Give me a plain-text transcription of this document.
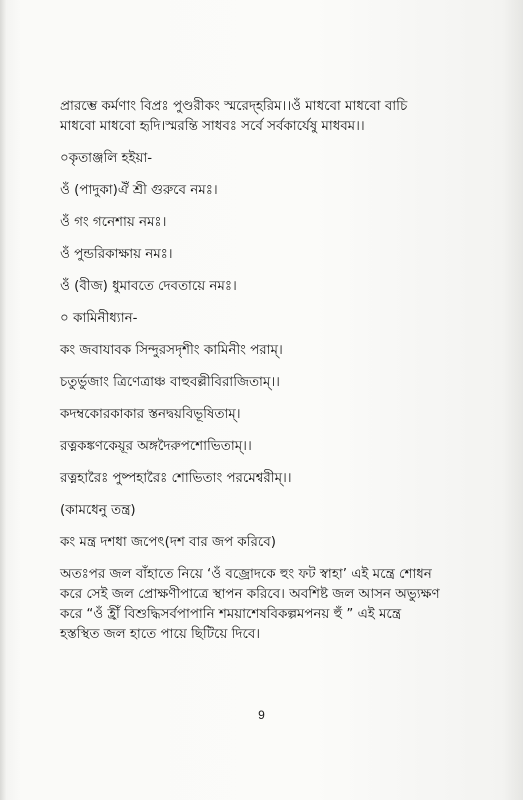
প্রারম্ভে কর্মণাং বিপ্রঃ পুণ্ডরীকং স্মরেদ্হরিম।।ওঁ মাধবো মাধবো বাচি

মাধবো মাধবো হৃদি।স্মরন্তি সাধবঃ সর্বে সর্বকার্যেষু মাধবম।।

০কৃতাঞ্জলি হইয়া-

ওঁ (পাদুকা)ঐঁ শ্রী গুরুবে নমঃ।

ওঁ গং গনেশায় নমঃ।

ওঁ পুন্ডরিকাক্ষায় নমঃ।

ওঁ (বীজ) ধুমাবতে দেবতায়ে নমঃ।

০ কামিনীধ্যান-

কং জবাযাবক সিন্দুরসদৃশীং কামিনীং পরাম্।

চতুর্ভুজাং ত্রিণেত্রাঞ্চ বাহুবল্লীবিরাজিতাম্।।

কদম্বকোরকাকার স্তনদ্বয়বিভূষিতাম্।

রত্নকঙ্কণকেয়ূর অঙ্গদৈরুপশোভিতাম্।।

রত্নহারৈঃ পুষ্পহারৈঃ শোভিতাং পরমেশ্বরীম্।।

(কামধেনু তন্ত্র)

কং মন্ত্র দশধা জপেৎ(দশ বার জপ করিবে)

অতঃপর জল বাঁহাতে নিয়ে ‘ওঁ বজ্রোদকে হুং ফট স্বাহা’ এই মন্ত্রে শোধন

করে সেই জল প্রোক্ষণীপাত্রে স্থাপন করিবে। অবশিষ্ট জল আসন অভ্যুক্ষণ

করে “ওঁ হ্রীঁ বিশুদ্ধিসর্বপাপানি শময়াশেষবিকল্পমপনয় হুঁ ” এই মন্ত্রে

হস্তস্থিত জল হাতে পায়ে ছিটিয়ে দিবে।

9
